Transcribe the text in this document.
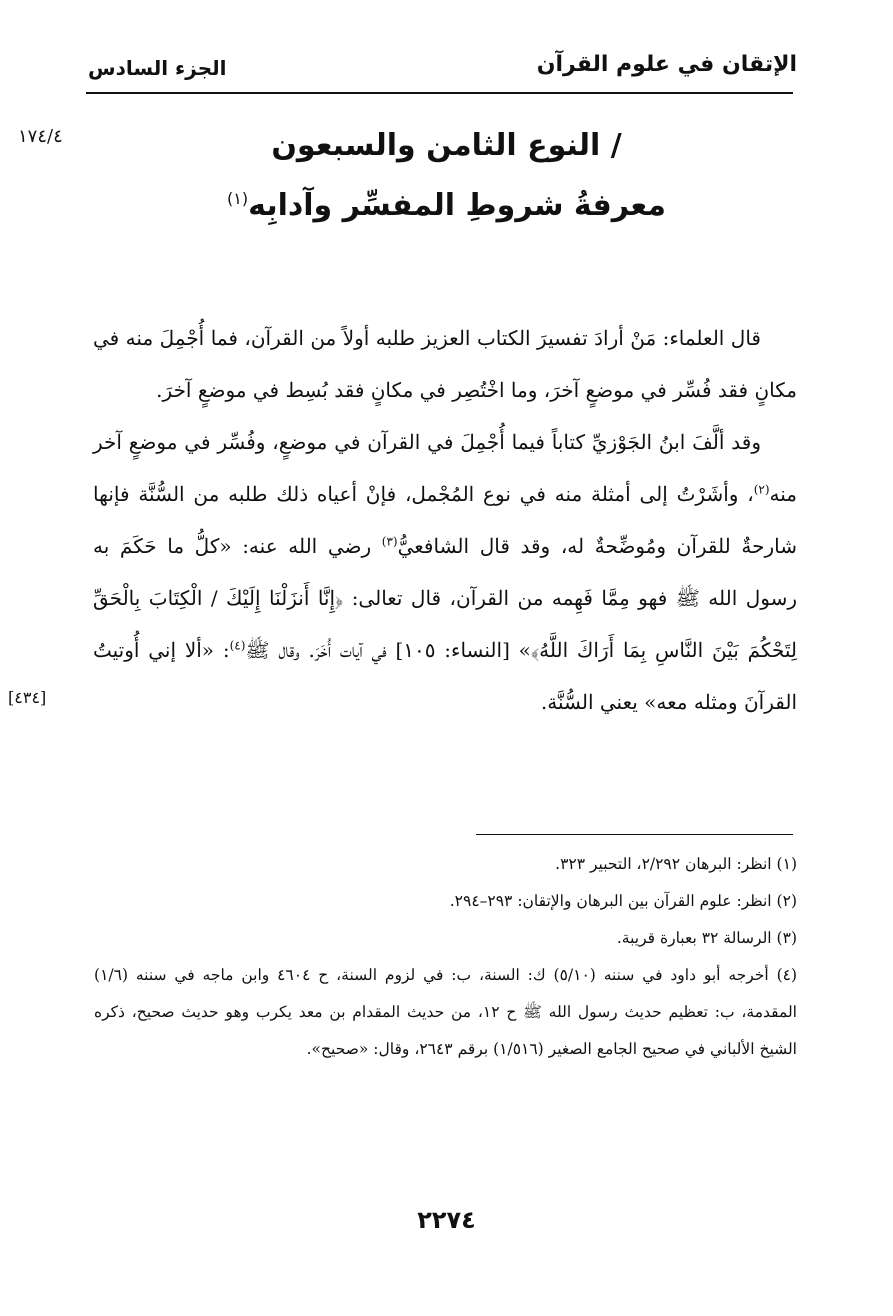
الإتقان في علوم القرآن
الجزء السادس
١٧٤/٤
[٤٣٤]
/ النوع الثامن والسبعون
معرفةُ شروطِ المفسِّر وآدابِه$^{(١)}$

قال العلماء: مَنْ أرادَ تفسيرَ الكتاب العزيز طلبه أولاً من القرآن، فما أُجْمِلَ منه في مكانٍ فقد فُسِّر في موضعٍ آخرَ، وما اخْتُصِر في مكانٍ فقد بُسِط في موضعٍ آخرَ.

وقد ألَّفَ ابنُ الجَوْزيِّ كتاباً فيما أُجْمِلَ في القرآن في موضعٍ، وفُسِّر في موضعٍ آخر منه$^{(٢)}$، وأشَرْتُ إلى أمثلة منه في نوع المُجْمل، فإنْ أعياه ذلك طلبه من السُّنَّة فإنها شارحةٌ للقرآن ومُوضِّحةٌ له، وقد قال الشافعيُّ$^{(٣)}$ رضي الله عنه: «كلُّ ما حَكَمَ به رسول الله ﷺ فهو مِمَّا فَهِمه من القرآن، قال تعالى: ﴿إِنَّا أَنزَلْنَا إِلَيْكَ / الْكِتَابَ بِالْحَقِّ لِتَحْكُمَ بَيْنَ النَّاسِ بِمَا أَرَاكَ اللَّهُ﴾» [النساء: ١٠٥] في آيات أُخَرَ. وقال ﷺ$^{(٤)}$: «ألا إني أُوتيتُ القرآنَ ومثله معه» يعني السُّنَّة.

(١) انظر: البرهان ٢/٢٩٢، التحبير ٣٢٣.

(٢) انظر: علوم القرآن بين البرهان والإتقان: ٢٩٣–٢٩٤.

(٣) الرسالة ٣٢ بعبارة قريبة.

(٤) أخرجه أبو داود في سننه (٥/١٠) ك: السنة، ب: في لزوم السنة، ح ٤٦٠٤ وابن ماجه في سننه (١/٦) المقدمة، ب: تعظيم حديث رسول الله ﷺ ح ١٢، من حديث المقدام بن معد يكرب وهو حديث صحيح، ذكره الشيخ الألباني في صحيح الجامع الصغير (١/٥١٦) برقم ٢٦٤٣، وقال: «صحيح».

٢٢٧٤
